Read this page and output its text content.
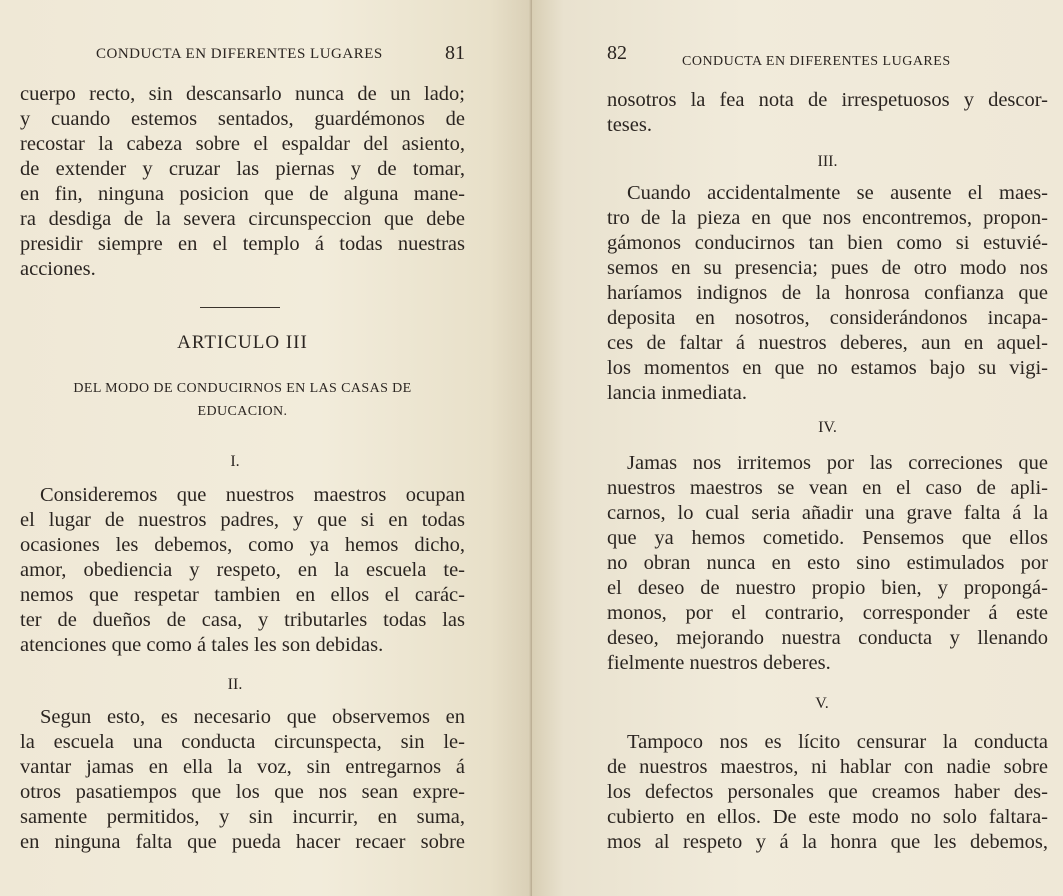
CONDUCTA EN DIFERENTES LUGARES	81
cuerpo recto, sin descansarlo nunca de un lado;
y cuando estemos sentados, guardémonos de
recostar la cabeza sobre el espaldar del asiento,
de extender y cruzar las piernas y de tomar,
en fin, ninguna posicion que de alguna mane-
ra desdiga de la severa circunspeccion que debe
presidir siempre en el templo á todas nuestras
acciones.
ARTICULO III
DEL MODO DE CONDUCIRNOS EN LAS CASAS DE
EDUCACION.
I.
Consideremos que nuestros maestros ocupan
el lugar de nuestros padres, y que si en todas
ocasiones les debemos, como ya hemos dicho,
amor, obediencia y respeto, en la escuela te-
nemos que respetar tambien en ellos el carác-
ter de dueños de casa, y tributarles todas las
atenciones que como á tales les son debidas.
II.
Segun esto, es necesario que observemos en
la escuela una conducta circunspecta, sin le-
vantar jamas en ella la voz, sin entregarnos á
otros pasatiempos que los que nos sean expre-
samente permitidos, y sin incurrir, en suma,
en ninguna falta que pueda hacer recaer sobre
82	CONDUCTA EN DIFERENTES LUGARES
nosotros la fea nota de irrespetuosos y descor-
teses.
III.
Cuando accidentalmente se ausente el maes-
tro de la pieza en que nos encontremos, propon-
gámonos conducirnos tan bien como si estuvié-
semos en su presencia; pues de otro modo nos
haríamos indignos de la honrosa confianza que
deposita en nosotros, considerándonos incapa-
ces de faltar á nuestros deberes, aun en aquel-
los momentos en que no estamos bajo su vigi-
lancia inmediata.
IV.
Jamas nos irritemos por las correciones que
nuestros maestros se vean en el caso de apli-
carnos, lo cual seria añadir una grave falta á la
que ya hemos cometido. Pensemos que ellos
no obran nunca en esto sino estimulados por
el deseo de nuestro propio bien, y propongá-
monos, por el contrario, corresponder á este
deseo, mejorando nuestra conducta y llenando
fielmente nuestros deberes.
V.
Tampoco nos es lícito censurar la conducta
de nuestros maestros, ni hablar con nadie sobre
los defectos personales que creamos haber des-
cubierto en ellos. De este modo no solo faltara-
mos al respeto y á la honra que les debemos,
